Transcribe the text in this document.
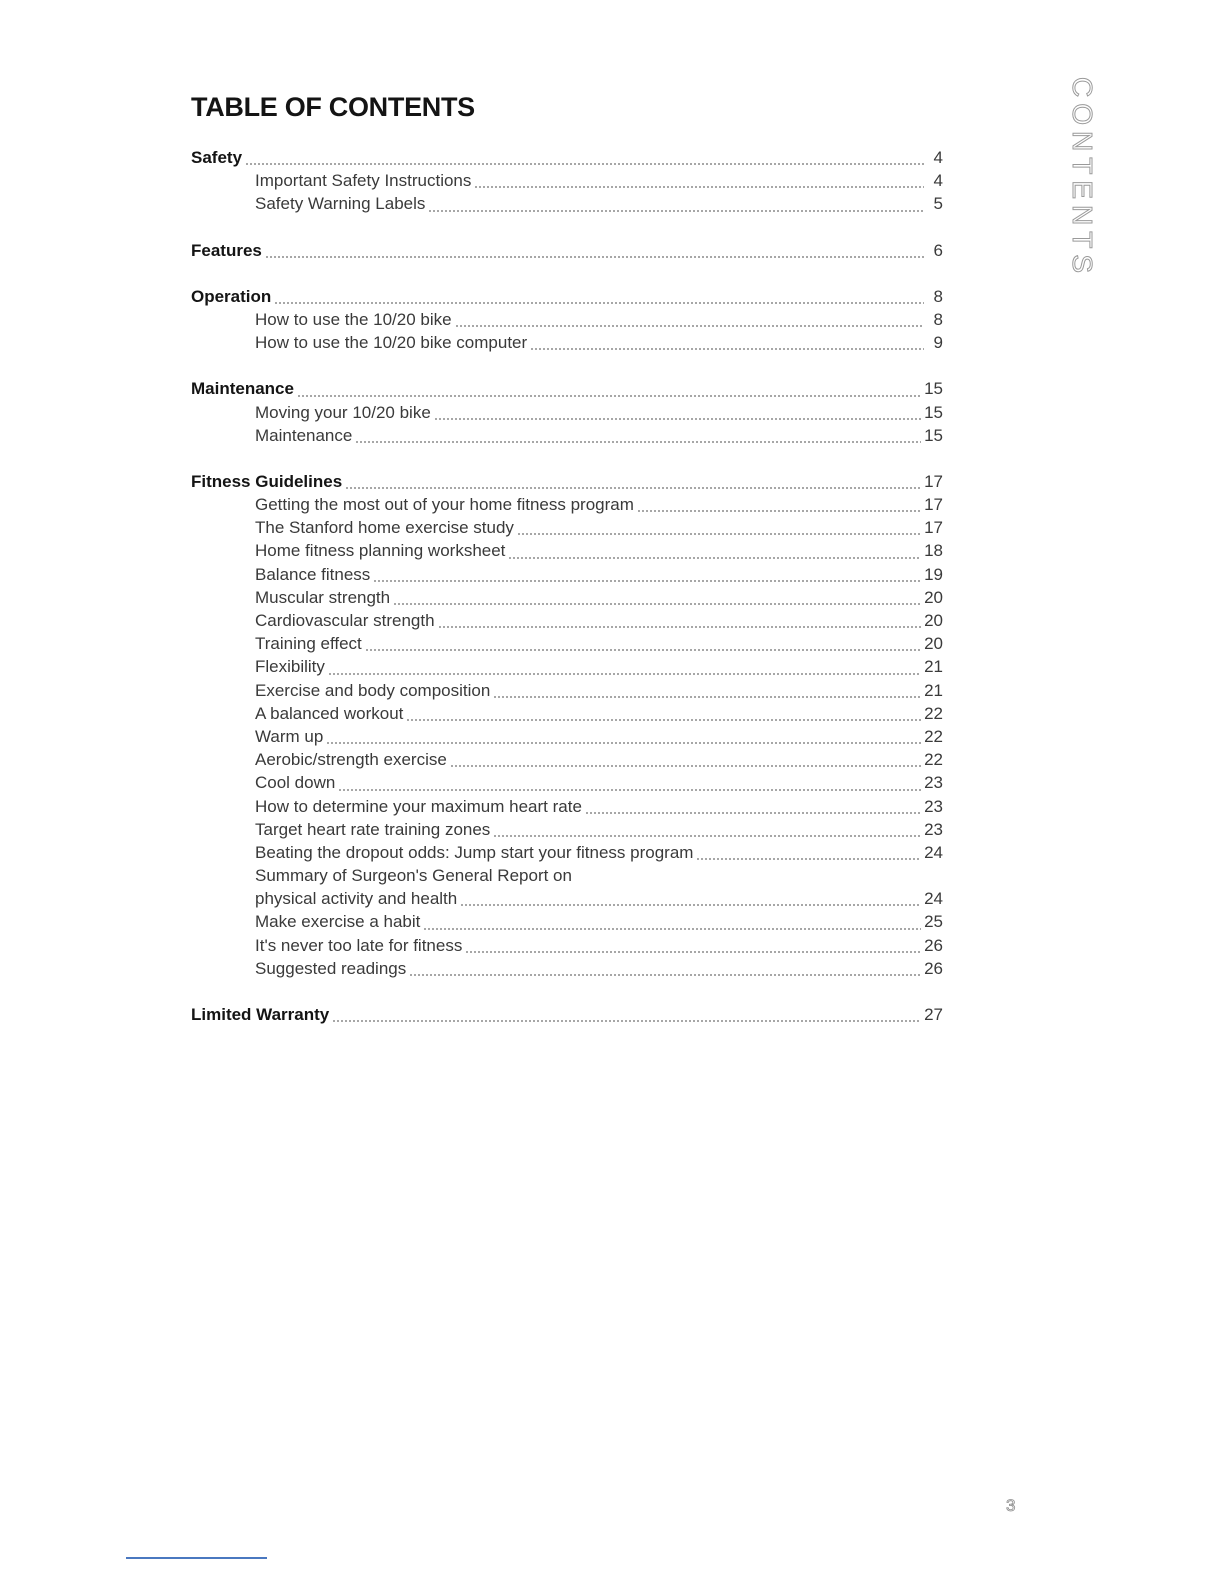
TABLE OF CONTENTS	CONTENTS
Safety	4
Important Safety Instructions	4
Safety Warning Labels	5
Features	6
Operation	8
How to use the 10/20 bike	8
How to use the 10/20 bike computer	9
Maintenance	15
Moving your 10/20 bike	15
Maintenance	15
Fitness Guidelines	17
Getting the most out of your home fitness program	17
The Stanford home exercise study	17
Home fitness planning worksheet	18
Balance fitness	19
Muscular strength	20
Cardiovascular strength	20
Training effect	20
Flexibility	21
Exercise and body composition	21
A balanced workout	22
Warm up	22
Aerobic/strength exercise	22
Cool down	23
How to determine your maximum heart rate	23
Target heart rate training zones	23
Beating the dropout odds: Jump start your fitness program	24
Summary of Surgeon's General Report on
physical activity and health	24
Make exercise a habit	25
It's never too late for fitness	26
Suggested readings	26
Limited Warranty	27
3
